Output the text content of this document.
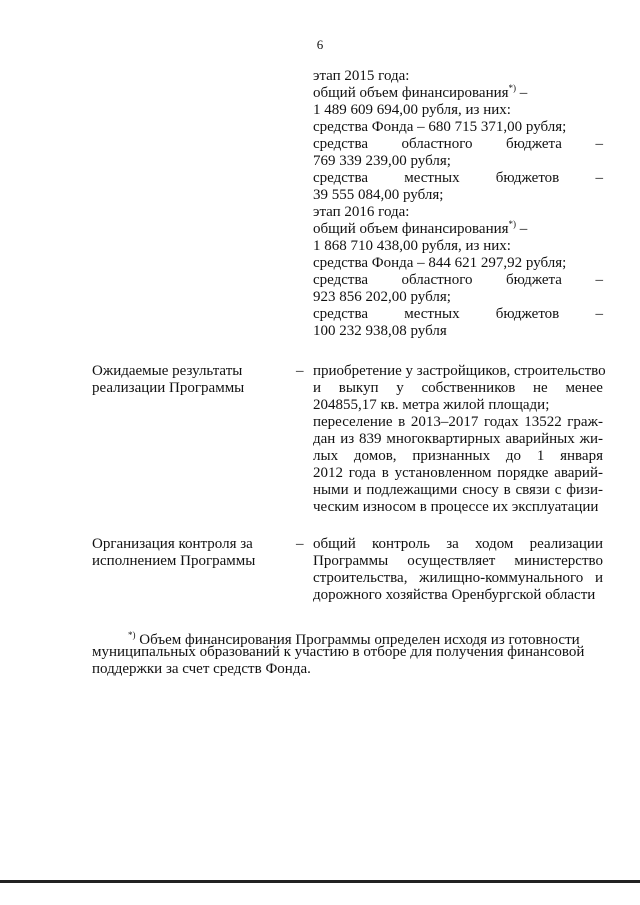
6
этап 2015 года:
общий объем финансирования*) –
1 489 609 694,00 рубля, из них:
средства Фонда – 680 715 371,00 рубля;
средства областного бюджета –
769 339 239,00 рубля;
средства местных бюджетов –
39 555 084,00 рубля;
этап 2016 года:
общий объем финансирования*) –
1 868 710 438,00 рубля, из них:
средства Фонда – 844 621 297,92 рубля;
средства областного бюджета –
923 856 202,00 рубля;
средства местных бюджетов –
100 232 938,08 рубля
Ожидаемые результаты
реализации Программы
– приобретение у застройщиков, строительство
и выкуп у собственников не менее
204855,17 кв. метра жилой площади;
переселение в 2013–2017 годах 13522 граж-
дан из 839 многоквартирных аварийных жи-
лых домов, признанных до 1 января
2012 года в установленном порядке аварий-
ными и подлежащими сносу в связи с физи-
ческим износом в процессе их эксплуатации
Организация контроля за
исполнением Программы
– общий контроль за ходом реализации
Программы осуществляет министерство
строительства, жилищно-коммунального и
дорожного хозяйства Оренбургской области
*) Объем финансирования Программы определен исходя из готовности
муниципальных образований к участию в отборе для получения финансовой
поддержки за счет средств Фонда.
